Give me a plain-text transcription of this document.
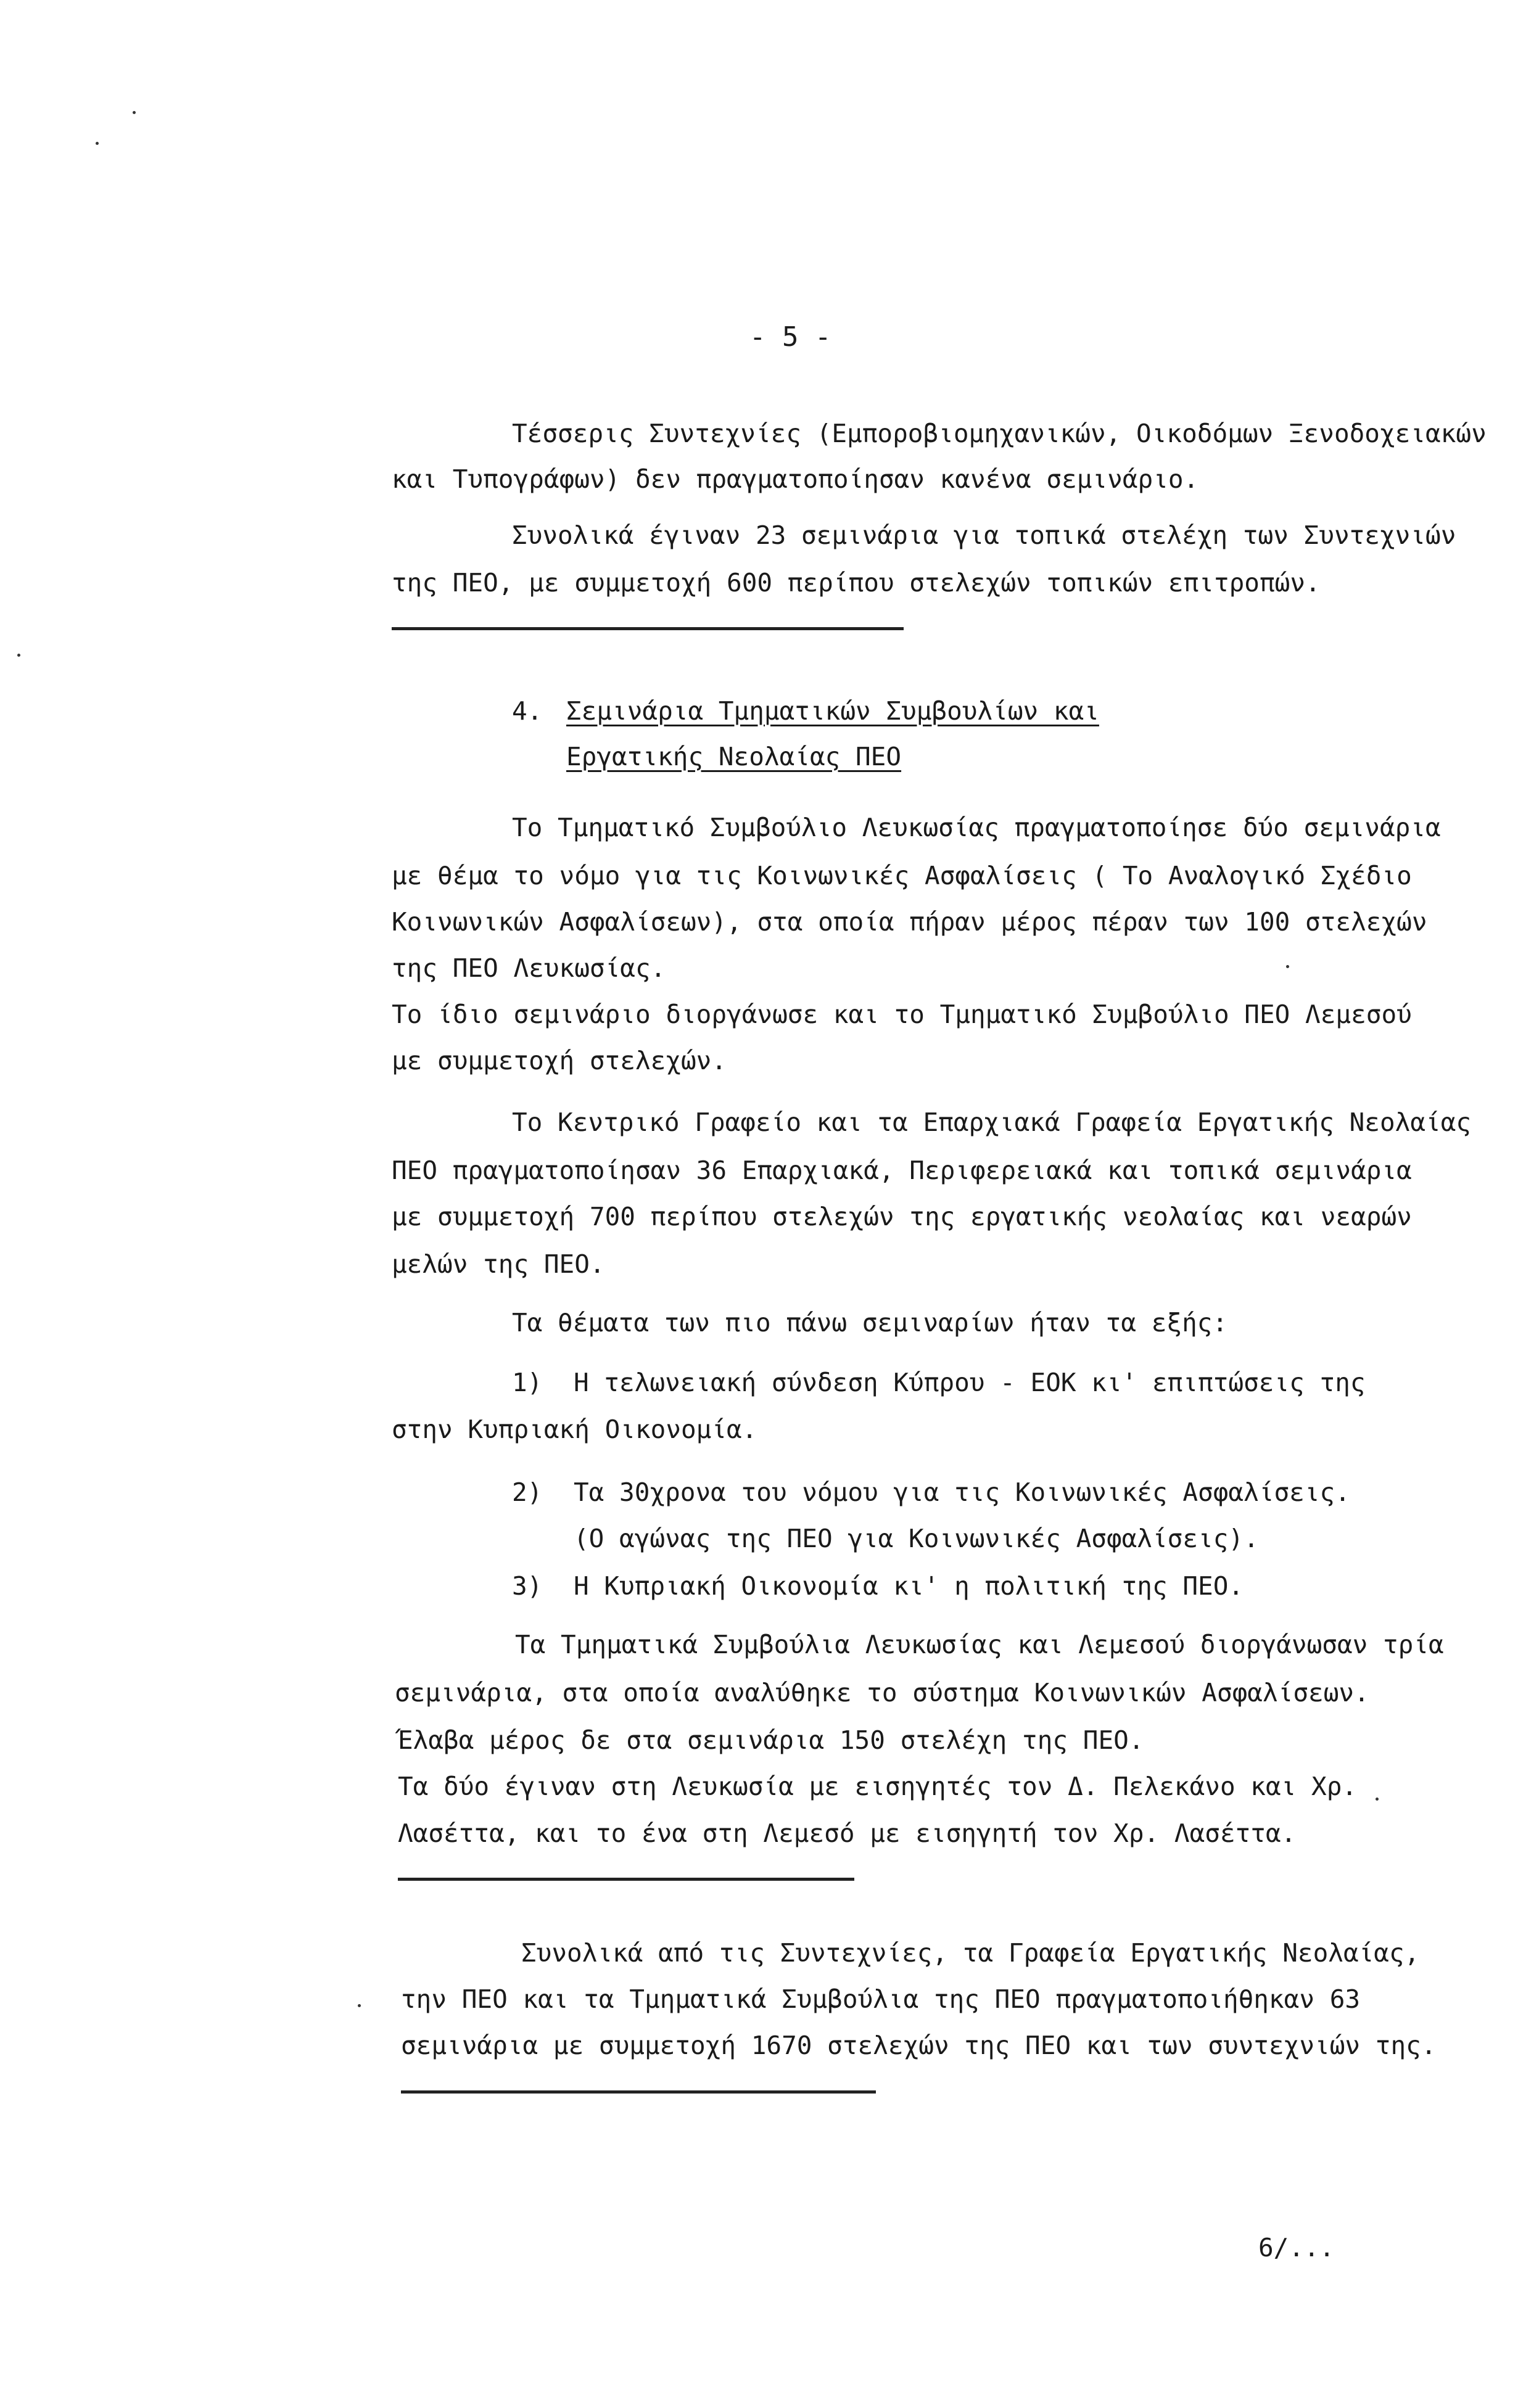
- 5 -
Τέσσερις Συντεχνίες (Εμποροβιομηχανικών, Οικοδόμων Ξενοδοχειακών
και Τυπογράφων) δεν πραγματοποίησαν κανένα σεμινάριο.
Συνολικά έγιναν 23 σεμινάρια για τοπικά στελέχη των Συντεχνιών
της ΠΕΟ, με συμμετοχή 600 περίπου στελεχών τοπικών επιτροπών.
4. Σεμινάρια Τμηματικών Συμβουλίων και
Εργατικής Νεολαίας ΠΕΟ
Το Τμηματικό Συμβούλιο Λευκωσίας πραγματοποίησε δύο σεμινάρια
με θέμα το νόμο για τις Κοινωνικές Ασφαλίσεις ( Το Αναλογικό Σχέδιο
Κοινωνικών Ασφαλίσεων), στα οποία πήραν μέρος πέραν των 100 στελεχών
της ΠΕΟ Λευκωσίας.
Το ίδιο σεμινάριο διοργάνωσε και το Τμηματικό Συμβούλιο ΠΕΟ Λεμεσού
με συμμετοχή στελεχών.
Το Κεντρικό Γραφείο και τα Επαρχιακά Γραφεία Εργατικής Νεολαίας
ΠΕΟ πραγματοποίησαν 36 Επαρχιακά, Περιφερειακά και τοπικά σεμινάρια
με συμμετοχή 700 περίπου στελεχών της εργατικής νεολαίας και νεαρών
μελών της ΠΕΟ.
Τα θέματα των πιο πάνω σεμιναρίων ήταν τα εξής:
1) Η τελωνειακή σύνδεση Κύπρου - ΕΟΚ κι' επιπτώσεις της
στην Κυπριακή Οικονομία.
2) Τα 30χρονα του νόμου για τις Κοινωνικές Ασφαλίσεις.
(Ο αγώνας της ΠΕΟ για Κοινωνικές Ασφαλίσεις).
3) Η Κυπριακή Οικονομία κι' η πολιτική της ΠΕΟ.
Τα Τμηματικά Συμβούλια Λευκωσίας και Λεμεσού διοργάνωσαν τρία
σεμινάρια, στα οποία αναλύθηκε το σύστημα Κοινωνικών Ασφαλίσεων.
Έλαβα μέρος δε στα σεμινάρια 150 στελέχη της ΠΕΟ.
Τα δύο έγιναν στη Λευκωσία με εισηγητές τον Δ. Πελεκάνο και Χρ.
Λασέττα, και το ένα στη Λεμεσό με εισηγητή τον Χρ. Λασέττα.
Συνολικά από τις Συντεχνίες, τα Γραφεία Εργατικής Νεολαίας,
την ΠΕΟ και τα Τμηματικά Συμβούλια της ΠΕΟ πραγματοποιήθηκαν 63
σεμινάρια με συμμετοχή 1670 στελεχών της ΠΕΟ και των συντεχνιών της.
6/...
